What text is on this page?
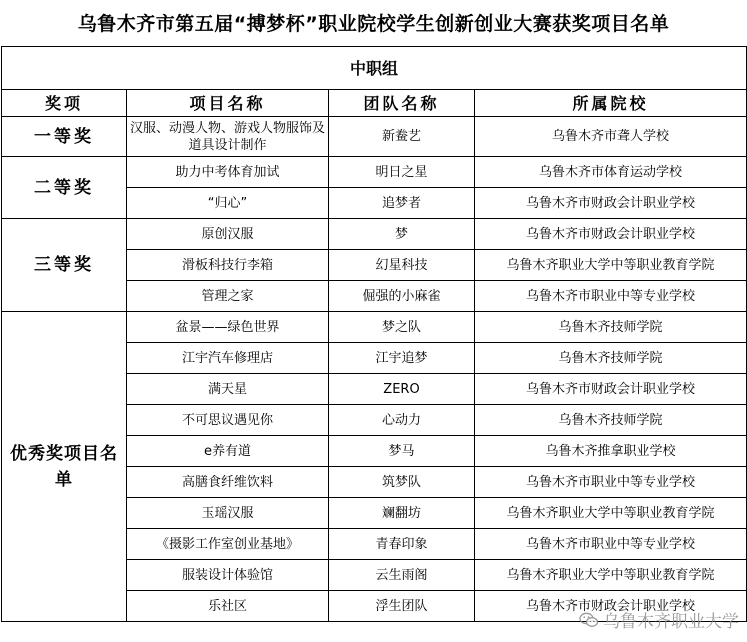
乌鲁木齐市第五届“搏梦杯”职业院校学生创新创业大赛获奖项目名单
中职组			
奖项	项目名称	团队名称	所属院校
一等奖	汉服、动漫人物、游戏人物服饰及道具设计制作	新鲞艺	乌鲁木齐市聋人学校
二等奖	助力中考体育加试	明日之星	乌鲁木齐市体育运动学校
	“归心”	追梦者	乌鲁木齐市财政会计职业学校
三等奖	原创汉服	梦	乌鲁木齐市财政会计职业学校
	滑板科技行李箱	幻星科技	乌鲁木齐职业大学中等职业教育学院
	管理之家	倔强的小麻雀	乌鲁木齐市职业中等专业学校
优秀奖项目名单	盆景——绿色世界	梦之队	乌鲁木齐技师学院
	江宇汽车修理店	江宇追梦	乌鲁木齐技师学院
	满天星	ZERO	乌鲁木齐市财政会计职业学校
	不可思议遇见你	心动力	乌鲁木齐技师学院
	e养有道	梦马	乌鲁木齐推拿职业学校
	高膳食纤维饮料	筑梦队	乌鲁木齐市职业中等专业学校
	玉瑶汉服	斓翻坊	乌鲁木齐职业大学中等职业教育学院
	《摄影工作室创业基地》	青春印象	乌鲁木齐市职业中等专业学校
	服装设计体验馆	云生雨阁	乌鲁木齐职业大学中等职业教育学院
	乐社区	浮生团队	乌鲁木齐市财政会计职业学校
乌鲁木齐职业大学
